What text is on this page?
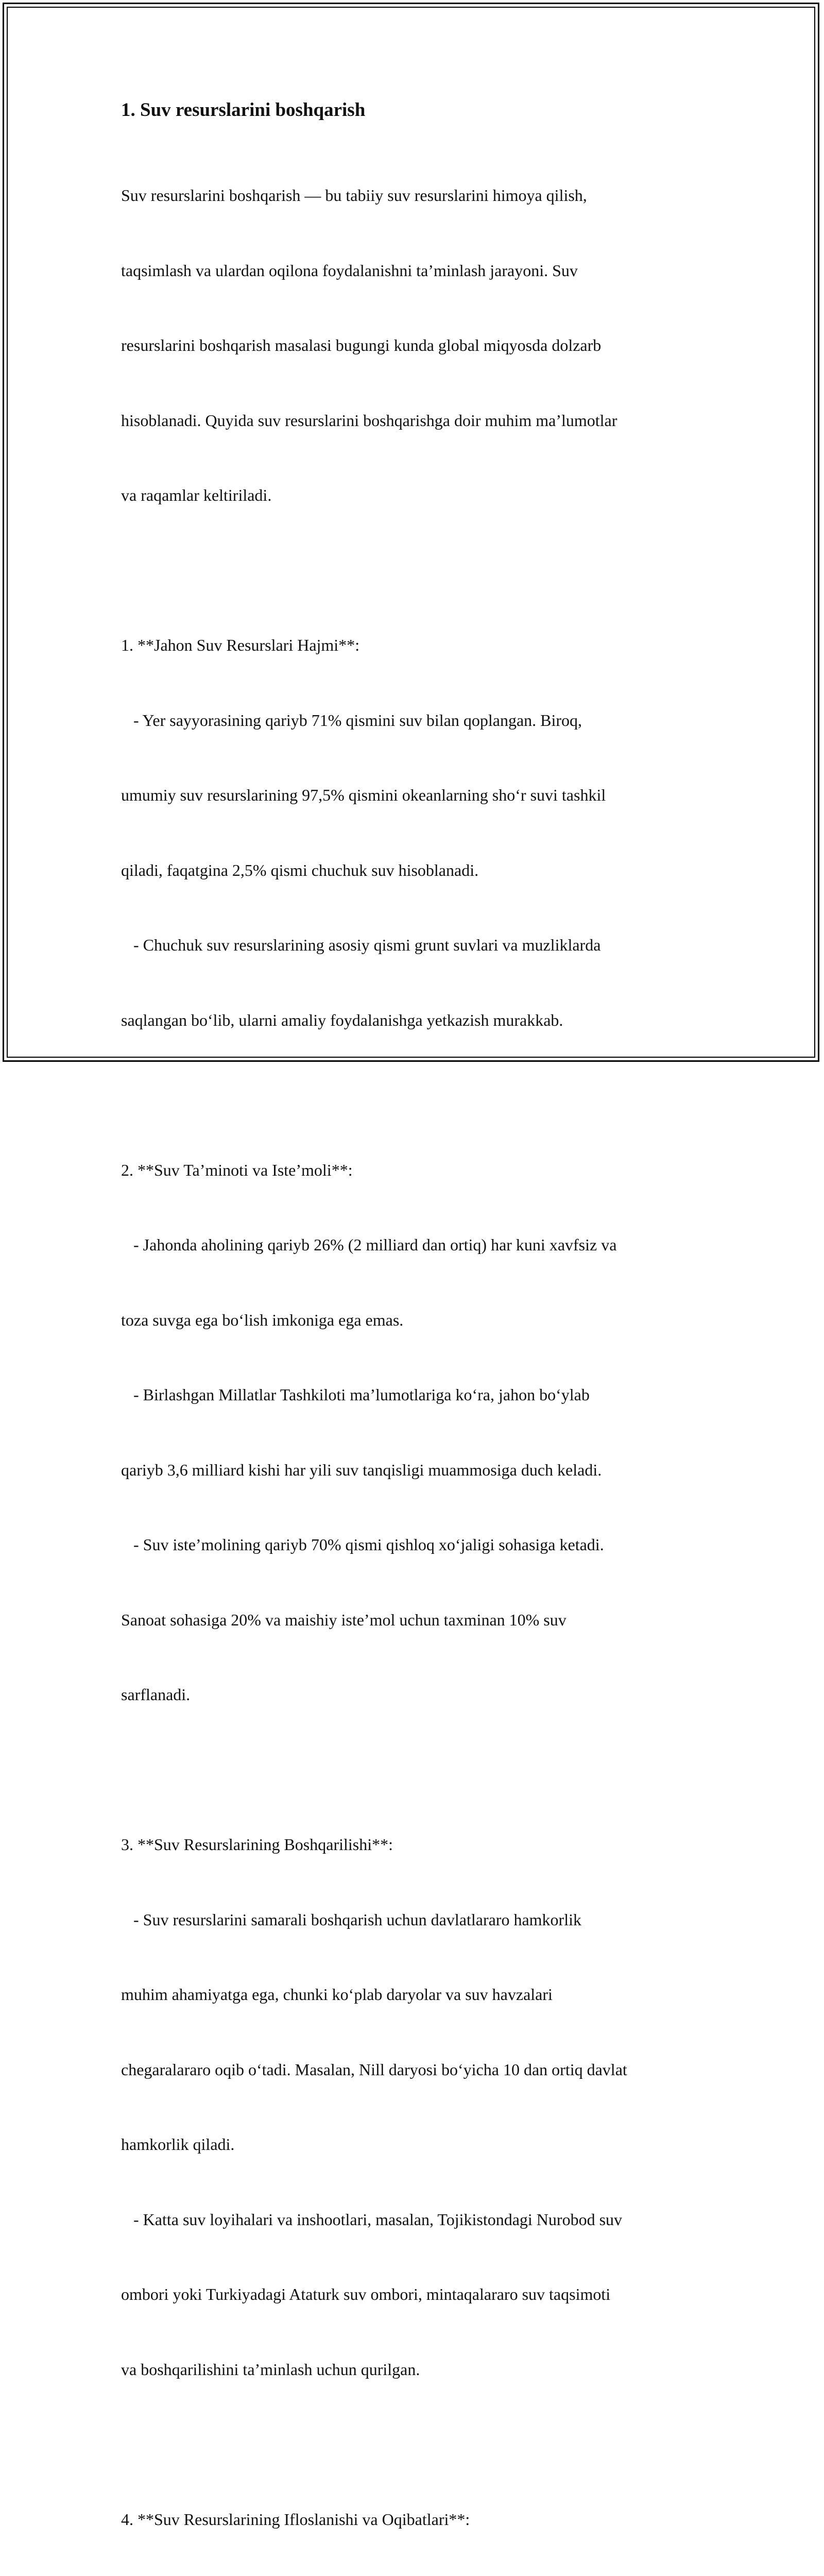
1. Suv resurslarini boshqarish

Suv resurslarini boshqarish — bu tabiiy suv resurslarini himoya qilish,

taqsimlash va ulardan oqilona foydalanishni ta’minlash jarayoni. Suv

resurslarini boshqarish masalasi bugungi kunda global miqyosda dolzarb

hisoblanadi. Quyida suv resurslarini boshqarishga doir muhim ma’lumotlar

va raqamlar keltiriladi.

1. **Jahon Suv Resurslari Hajmi**:

- Yer sayyorasining qariyb 71% qismini suv bilan qoplangan. Biroq,

umumiy suv resurslarining 97,5% qismini okeanlarning sho‘r suvi tashkil

qiladi, faqatgina 2,5% qismi chuchuk suv hisoblanadi.

- Chuchuk suv resurslarining asosiy qismi grunt suvlari va muzliklarda

saqlangan bo‘lib, ularni amaliy foydalanishga yetkazish murakkab.

2. **Suv Ta’minoti va Iste’moli**:

- Jahonda aholining qariyb 26% (2 milliard dan ortiq) har kuni xavfsiz va

toza suvga ega bo‘lish imkoniga ega emas.

- Birlashgan Millatlar Tashkiloti ma’lumotlariga ko‘ra, jahon bo‘ylab

qariyb 3,6 milliard kishi har yili suv tanqisligi muammosiga duch keladi.

- Suv iste’molining qariyb 70% qismi qishloq xo‘jaligi sohasiga ketadi.

Sanoat sohasiga 20% va maishiy iste’mol uchun taxminan 10% suv

sarflanadi.

3. **Suv Resurslarining Boshqarilishi**:

- Suv resurslarini samarali boshqarish uchun davlatlararo hamkorlik

muhim ahamiyatga ega, chunki ko‘plab daryolar va suv havzalari

chegaralararo oqib o‘tadi. Masalan, Nill daryosi bo‘yicha 10 dan ortiq davlat

hamkorlik qiladi.

- Katta suv loyihalari va inshootlari, masalan, Tojikistondagi Nurobod suv

ombori yoki Turkiyadagi Ataturk suv ombori, mintaqalararo suv taqsimoti

va boshqarilishini ta’minlash uchun qurilgan.

4. **Suv Resurslarining Ifloslanishi va Oqibatlari**:
